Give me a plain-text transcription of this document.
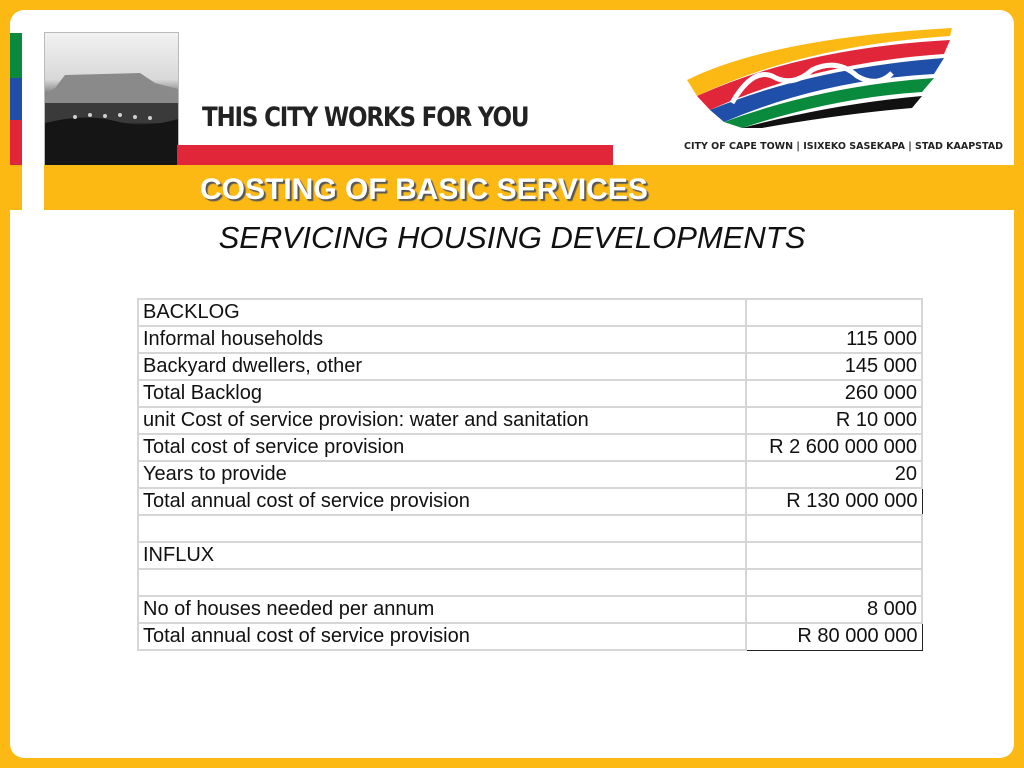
THIS CITY WORKS FOR YOU
CITY OF CAPE TOWN | ISIXEKO SASEKAPA | STAD KAAPSTAD
COSTING OF BASIC SERVICES
SERVICING HOUSING DEVELOPMENTS
BACKLOG	
Informal households	115 000
Backyard dwellers, other	145 000
Total Backlog	260 000
unit Cost of service provision: water and sanitation	R 10 000
Total cost of service provision	R 2 600 000 000
Years to provide	20
Total annual cost of service provision	R 130 000 000

INFLUX	

No of houses needed per annum	8 000
Total annual cost of service provision	R 80 000 000
